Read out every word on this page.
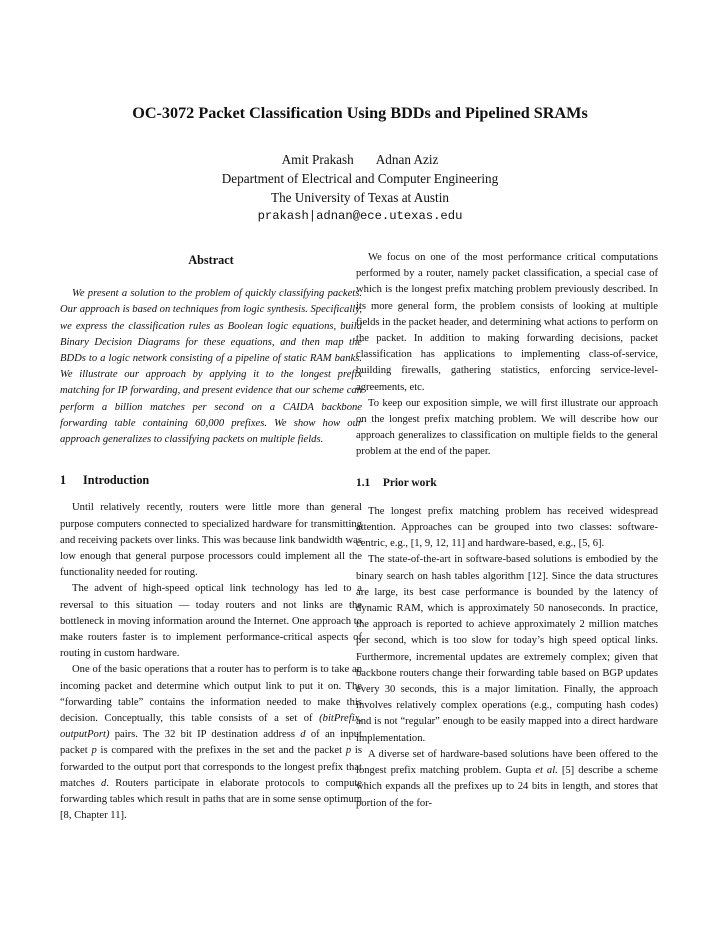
OC-3072 Packet Classification Using BDDs and Pipelined SRAMs
Amit Prakash Adnan Aziz
Department of Electrical and Computer Engineering
The University of Texas at Austin
prakash|adnan@ece.utexas.edu
Abstract

We present a solution to the problem of quickly classifying packets. Our approach is based on techniques from logic synthesis. Specifically, we express the classification rules as Boolean logic equations, build Binary Decision Diagrams for these equations, and then map the BDDs to a logic network consisting of a pipeline of static RAM banks. We illustrate our approach by applying it to the longest prefix matching for IP forwarding, and present evidence that our scheme can perform a billion matches per second on a CAIDA backbone forwarding table containing 60,000 prefixes. We show how our approach generalizes to classifying packets on multiple fields.

1 Introduction

Until relatively recently, routers were little more than general purpose computers connected to specialized hardware for transmitting and receiving packets over links. This was because link bandwidth was low enough that general purpose processors could implement all the functionality needed for routing.

The advent of high-speed optical link technology has led to a reversal to this situation — today routers and not links are the bottleneck in moving information around the Internet. One approach to make routers faster is to implement performance-critical aspects of routing in custom hardware.

One of the basic operations that a router has to perform is to take an incoming packet and determine which output link to put it on. The “forwarding table” contains the information needed to make this decision. Conceptually, this table consists of a set of (bitPrefix, outputPort) pairs. The 32 bit IP destination address d of an input packet p is compared with the prefixes in the set and the packet p is forwarded to the output port that corresponds to the longest prefix that matches d. Routers participate in elaborate protocols to compute forwarding tables which result in paths that are in some sense optimum [8, Chapter 11].

We focus on one of the most performance critical computations performed by a router, namely packet classification, a special case of which is the longest prefix matching problem previously described. In its more general form, the problem consists of looking at multiple fields in the packet header, and determining what actions to perform on the packet. In addition to making forwarding decisions, packet classification has applications to implementing class-of-service, building firewalls, gathering statistics, enforcing service-level-agreements, etc.

To keep our exposition simple, we will first illustrate our approach on the longest prefix matching problem. We will describe how our approach generalizes to classification on multiple fields to the general problem at the end of the paper.

1.1 Prior work

The longest prefix matching problem has received widespread attention. Approaches can be grouped into two classes: software-centric, e.g., [1, 9, 12, 11] and hardware-based, e.g., [5, 6].

The state-of-the-art in software-based solutions is embodied by the binary search on hash tables algorithm [12]. Since the data structures are large, its best case performance is bounded by the latency of dynamic RAM, which is approximately 50 nanoseconds. In practice, the approach is reported to achieve approximately 2 million matches per second, which is too slow for today’s high speed optical links. Furthermore, incremental updates are extremely complex; given that backbone routers change their forwarding table based on BGP updates every 30 seconds, this is a major limitation. Finally, the approach involves relatively complex operations (e.g., computing hash codes) and is not “regular” enough to be easily mapped into a direct hardware implementation.

A diverse set of hardware-based solutions have been offered to the longest prefix matching problem. Gupta et al. [5] describe a scheme which expands all the prefixes up to 24 bits in length, and stores that portion of the for-
